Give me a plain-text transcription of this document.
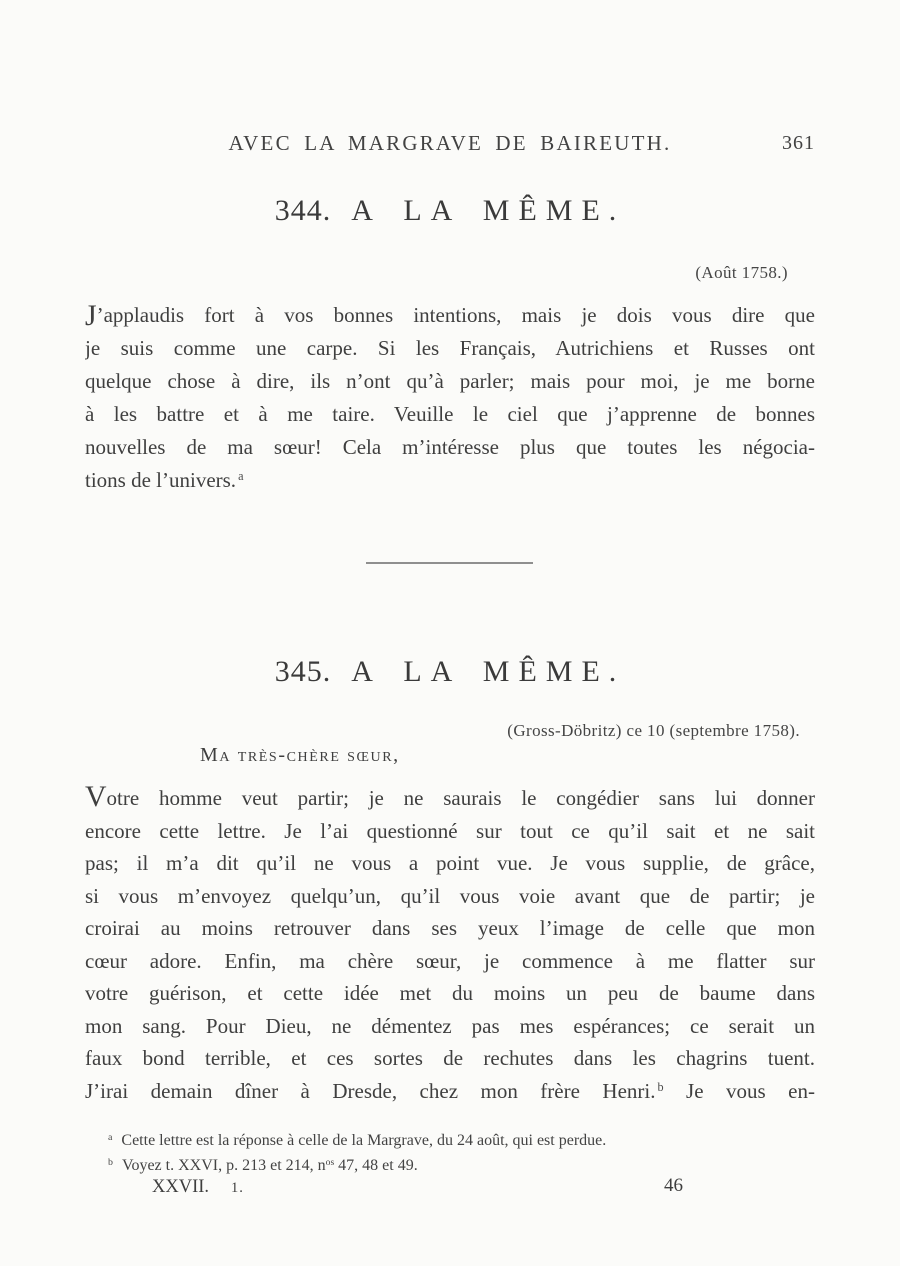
AVEC LA MARGRAVE DE BAIREUTH.	361
344. A LA MÊME.
(Août 1758.)
J’applaudis fort à vos bonnes intentions, mais je dois vous dire que
je suis comme une carpe. Si les Français, Autrichiens et Russes ont
quelque chose à dire, ils n’ont qu’à parler; mais pour moi, je me borne
à les battre et à me taire. Veuille le ciel que j’apprenne de bonnes
nouvelles de ma sœur! Cela m’intéresse plus que toutes les négocia-
tions de l’univers. $^a$
345. A LA MÊME.
(Gross-Döbritz) ce 10 (septembre 1758).
Ma très-chère sœur,
Votre homme veut partir; je ne saurais le congédier sans lui donner
encore cette lettre. Je l’ai questionné sur tout ce qu’il sait et ne sait
pas; il m’a dit qu’il ne vous a point vue. Je vous supplie, de grâce,
si vous m’envoyez quelqu’un, qu’il vous voie avant que de partir; je
croirai au moins retrouver dans ses yeux l’image de celle que mon
cœur adore. Enfin, ma chère sœur, je commence à me flatter sur
votre guérison, et cette idée met du moins un peu de baume dans
mon sang. Pour Dieu, ne démentez pas mes espérances; ce serait un
faux bond terrible, et ces sortes de rechutes dans les chagrins tuent.
J’irai demain dîner à Dresde, chez mon frère Henri. $^b$ Je vous en-
$^a$ Cette lettre est la réponse à celle de la Margrave, du 24 août, qui est perdue.
$^b$ Voyez t. XXVI, p. 213 et 214, n$^{os}$ 47, 48 et 49.
XXVII. 1.	46
